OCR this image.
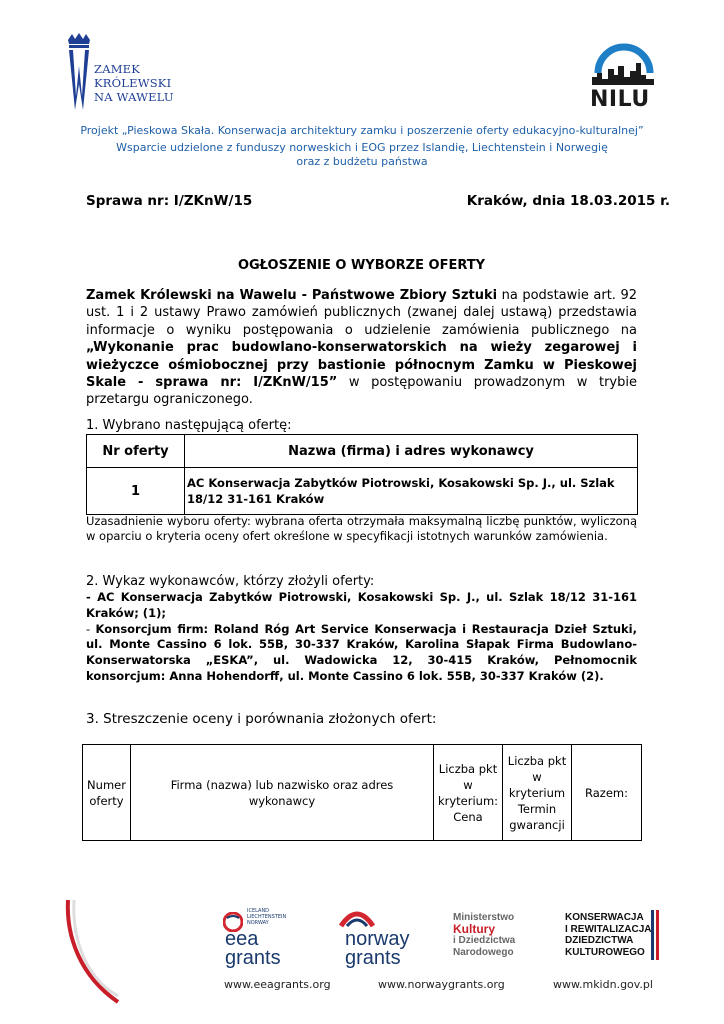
ZAMEK
KRÓLEWSKI
NA WAWELU	NILU
Projekt „Pieskowa Skała. Konserwacja architektury zamku i poszerzenie oferty edukacyjno-kulturalnej”
Wsparcie udzielone z funduszy norweskich i EOG przez Islandię, Liechtenstein i Norwegię
oraz z budżetu państwa
Sprawa nr: I/ZKnW/15	Kraków, dnia 18.03.2015 r.
OGŁOSZENIE O WYBORZE OFERTY
Zamek Królewski na Wawelu - Państwowe Zbiory Sztuki na podstawie art. 92 ust. 1 i 2 ustawy Prawo zamówień publicznych (zwanej dalej ustawą) przedstawia informacje o wyniku postępowania o udzielenie zamówienia publicznego na „Wykonanie prac budowlano-konserwatorskich na wieży zegarowej i wieżyczce ośmiobocznej przy bastionie północnym Zamku w Pieskowej Skale - sprawa nr: I/ZKnW/15” w postępowaniu prowadzonym w trybie przetargu ograniczonego.
1. Wybrano następującą ofertę:
Nr oferty	Nazwa (firma) i adres wykonawcy
1	AC Konserwacja Zabytków Piotrowski, Kosakowski Sp. J., ul. Szlak 18/12 31-161 Kraków
Uzasadnienie wyboru oferty: wybrana oferta otrzymała maksymalną liczbę punktów, wyliczoną w oparciu o kryteria oceny ofert określone w specyfikacji istotnych warunków zamówienia.
2. Wykaz wykonawców, którzy złożyli oferty:
- AC Konserwacja Zabytków Piotrowski, Kosakowski Sp. J., ul. Szlak 18/12 31-161 Kraków; (1);
- Konsorcjum firm: Roland Róg Art Service Konserwacja i Restauracja Dzieł Sztuki, ul. Monte Cassino 6 lok. 55B, 30-337 Kraków, Karolina Słapak Firma Budowlano-Konserwatorska „ESKA”, ul. Wadowicka 12, 30-415 Kraków, Pełnomocnik konsorcjum: Anna Hohendorff, ul. Monte Cassino 6 lok. 55B, 30-337 Kraków (2).
3. Streszczenie oceny i porównania złożonych ofert:
Numer oferty	Firma (nazwa) lub nazwisko oraz adres wykonawcy	Liczba pkt w kryterium: Cena	Liczba pkt w kryterium Termin gwarancji	Razem:
ICELAND LIECHTENSTEIN NORWAY
eea grants
norway grants
Ministerstwo
Kultury
i Dziedzictwa
Narodowego
KONSERWACJA
I REWITALIZACJA
DZIEDZICTWA
KULTUROWEGO
www.eeagrants.org	www.norwaygrants.org	www.mkidn.gov.pl
